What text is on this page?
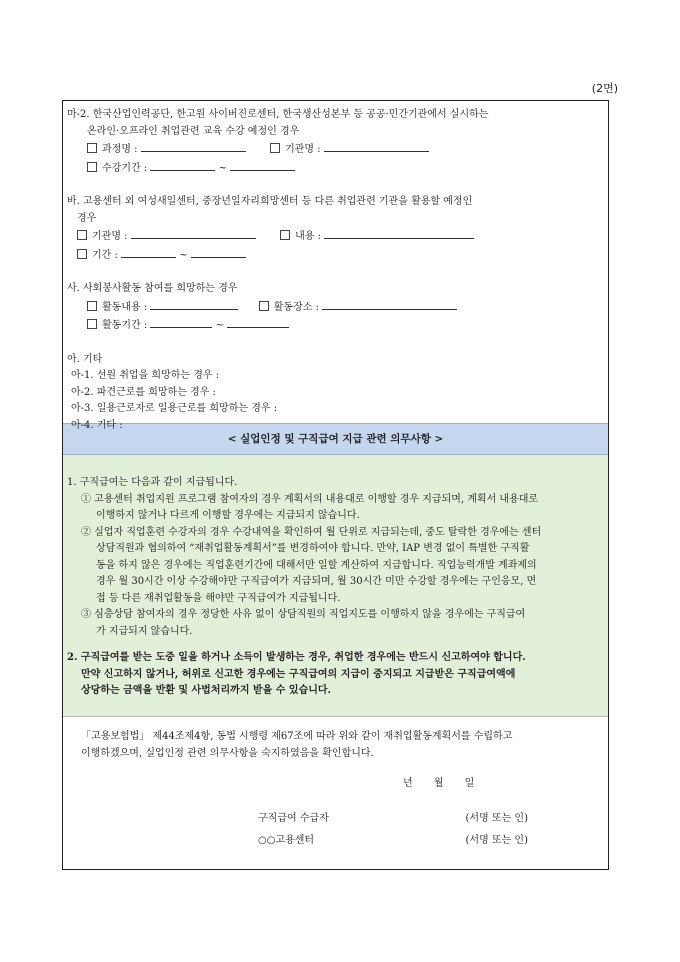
(2면)
마-2. 한국산업인력공단, 한고원 사이버진로센터, 한국생산성본부 등 공공·민간기관에서 실시하는
온라인·오프라인 취업관련 교육 수강 예정인 경우
과정명 :	기관명 :
수강기간 :	~
바. 고용센터 외 여성새일센터, 중장년일자리희망센터 등 다른 취업관련 기관을 활용할 예정인
경우
기관명 :	내용 :
기간 :	~
사. 사회봉사활동 참여를 희망하는 경우
활동내용 :	활동장소 :
활동기간 :	~
아. 기타
아-1. 선원 취업을 희망하는 경우 :
아-2. 파견근로를 희망하는 경우 :
아-3. 일용근로자로 일용근로를 희망하는 경우 :
아-4. 기타 :
< 실업인정 및 구직급여 지급 관련 의무사항 >
1. 구직급여는 다음과 같이 지급됩니다.
① 고용센터 취업지원 프로그램 참여자의 경우 계획서의 내용대로 이행할 경우 지급되며, 계획서 내용대로
이행하지 않거나 다르게 이행할 경우에는 지급되지 않습니다.
② 실업자 직업훈련 수강자의 경우 수강내역을 확인하여 월 단위로 지급되는데, 중도 탈락한 경우에는 센터
상담직원과 협의하여 “재취업활동계획서”를 변경하여야 합니다. 만약, IAP 변경 없이 특별한 구직활
동을 하지 않은 경우에는 직업훈련기간에 대해서만 일할 계산하여 지급합니다. 직업능력개발 계좌제의
경우 월 30시간 이상 수강해야만 구직급여가 지급되며, 월 30시간 미만 수강할 경우에는 구인응모, 면
접 등 다른 재취업활동을 해야만 구직급여가 지급됩니다.
③ 심층상담 참여자의 경우 정당한 사유 없이 상담직원의 직업지도를 이행하지 않을 경우에는 구직급여
가 지급되지 않습니다.
2. 구직급여를 받는 도중 일을 하거나 소득이 발생하는 경우, 취업한 경우에는 반드시 신고하여야 합니다.
만약 신고하지 않거나, 허위로 신고한 경우에는 구직급여의 지급이 중지되고 지급받은 구직급여액에
상당하는 금액을 반환 및 사법처리까지 받을 수 있습니다.
「고용보험법」 제44조제4항, 동법 시행령 제67조에 따라 위와 같이 재취업활동계획서를 수립하고
이행하겠으며, 실업인정 관련 의무사항을 숙지하였음을 확인합니다.
년 월 일
구직급여 수급자	(서명 또는 인)
○○고용센터	(서명 또는 인)
